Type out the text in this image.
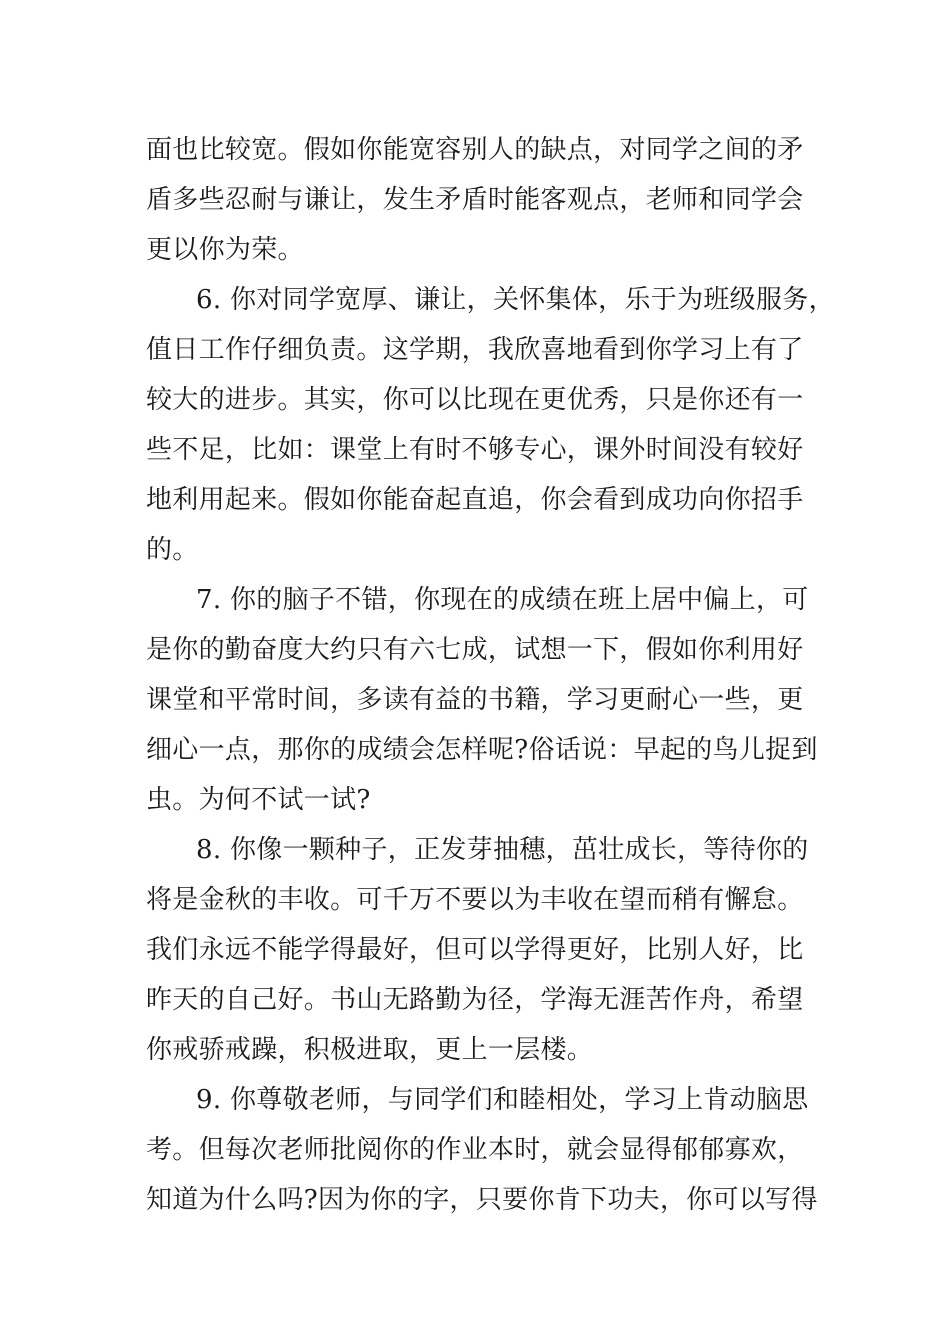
面也比较宽。假如你能宽容别人的缺点，对同学之间的矛
盾多些忍耐与谦让，发生矛盾时能客观点，老师和同学会
更以你为荣。
6. 你对同学宽厚、谦让，关怀集体，乐于为班级服务，
值日工作仔细负责。这学期，我欣喜地看到你学习上有了
较大的进步。其实，你可以比现在更优秀，只是你还有一
些不足，比如：课堂上有时不够专心，课外时间没有较好
地利用起来。假如你能奋起直追，你会看到成功向你招手
的。
7. 你的脑子不错，你现在的成绩在班上居中偏上，可
是你的勤奋度大约只有六七成，试想一下，假如你利用好
课堂和平常时间，多读有益的书籍，学习更耐心一些，更
细心一点，那你的成绩会怎样呢?俗话说：早起的鸟儿捉到
虫。为何不试一试?
8. 你像一颗种子，正发芽抽穗，茁壮成长，等待你的
将是金秋的丰收。可千万不要以为丰收在望而稍有懈怠。
我们永远不能学得最好，但可以学得更好，比别人好，比
昨天的自己好。书山无路勤为径，学海无涯苦作舟，希望
你戒骄戒躁，积极进取，更上一层楼。
9. 你尊敬老师，与同学们和睦相处，学习上肯动脑思
考。但每次老师批阅你的作业本时，就会显得郁郁寡欢，
知道为什么吗?因为你的字，只要你肯下功夫，你可以写得
